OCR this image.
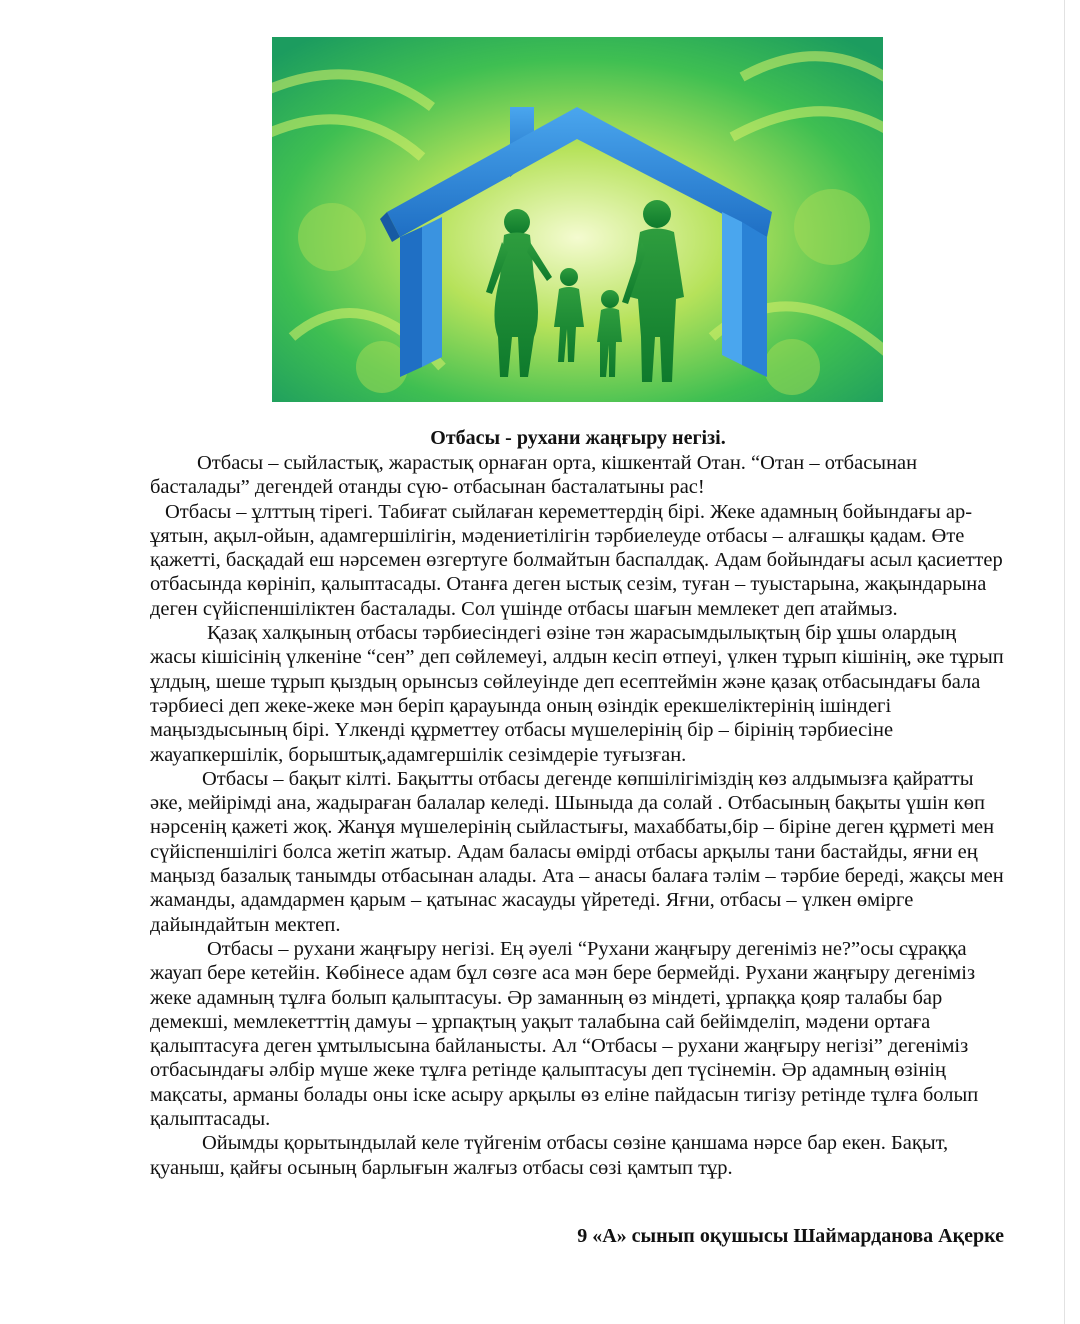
Отбасы - рухани жаңғыру негізі.

Отбасы – сыйластық, жарастық орнаған орта, кішкентай Отан. “Отан – отбасынан басталады” дегендей отанды сүю- отбасынан басталатыны рас!

Отбасы – ұлттың тірегі. Табиғат сыйлаған кереметтердің бірі. Жеке адамның бойындағы ар-ұятын, ақыл-ойын, адамгершілігін, мәдениетілігін тәрбиелеуде отбасы – алғашқы қадам. Өте қажетті, басқадай еш нәрсемен өзгертуге болмайтын баспалдақ. Адам бойындағы асыл қасиеттер отбасында көрініп, қалыптасады. Отанға деген ыстық сезім, туған – туыстарына, жақындарына деген сүйіспеншіліктен басталады. Сол үшінде отбасы шағын мемлекет деп атаймыз.

Қазақ халқының отбасы тәрбиесіндегі өзіне тән жарасымдылықтың бір ұшы олардың жасы кішісінің үлкеніне “сен” деп сөйлемеуі, алдын кесіп өтпеуі, үлкен тұрып кішінің, әке тұрып ұлдың, шеше тұрып қыздың орынсыз сөйлеуінде деп есептеймін және қазақ отбасындағы бала тәрбиесі деп жеке-жеке мән беріп қарауында оның өзіндік ерекшеліктерінің ішіндегі маңыздысының бірі. Үлкенді құрметтеу отбасы мүшелерінің бір – бірінің тәрбиесіне жауапкершілік, борыштық,адамгершілік сезімдеріе туғызған.

Отбасы – бақыт кілті. Бақытты отбасы дегенде көпшілігіміздің көз алдымызға қайратты әке, мейірімді ана, жадыраған балалар келеді. Шыныда да солай . Отбасының бақыты үшін көп нәрсенің қажеті жоқ. Жанұя мүшелерінің сыйластығы, махаббаты,бір – біріне деген құрметі мен сүйіспеншілігі болса жетіп жатыр. Адам баласы өмірді отбасы арқылы тани бастайды, яғни ең маңызд базалық танымды отбасынан алады. Ата – анасы балаға тәлім – тәрбие береді, жақсы мен жаманды, адамдармен қарым – қатынас жасауды үйретеді. Яғни, отбасы – үлкен өмірге дайындайтын мектеп.

Отбасы – рухани жаңғыру негізі. Ең әуелі “Рухани жаңғыру дегеніміз не?”осы сұраққа жауап бере кетейін. Көбінесе адам бұл сөзге аса мән бере бермейді. Рухани жаңғыру дегеніміз жеке адамның тұлға болып қалыптасуы. Әр заманның өз міндеті, ұрпаққа қояр талабы бар демекші, мемлекетттің дамуы – ұрпақтың уақыт талабына сай бейімделіп, мәдени ортаға қалыптасуға деген ұмтылысына байланысты. Ал “Отбасы – рухани жаңғыру негізі” дегеніміз отбасындағы әлбір мүше жеке тұлға ретінде қалыптасуы деп түсінемін. Әр адамның өзінің мақсаты, арманы болады оны іске асыру арқылы өз еліне пайдасын тигізу ретінде тұлға болып қалыптасады.

Ойымды қорытындылай келе түйгенім отбасы сөзіне қаншама нәрсе бар екен. Бақыт, қуаныш, қайғы осының барлығын жалғыз отбасы сөзі қамтып тұр.

9 «А» сынып оқушысы Шаймарданова Ақерке
